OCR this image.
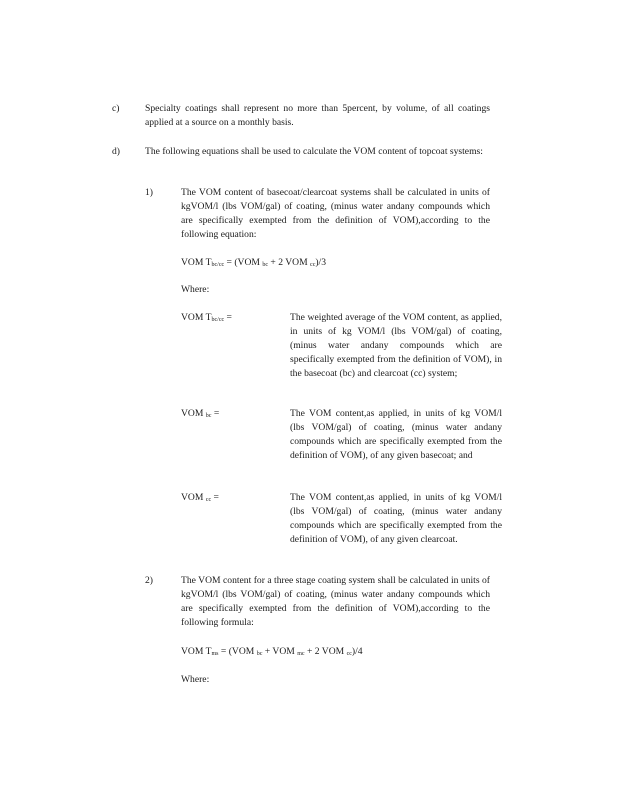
c)	Specialty coatings shall represent no more than 5percent, by volume, of all coatings applied at a source on a monthly basis.
d)	The following equations shall be used to calculate the VOM content of topcoat systems:
1)	The VOM content of basecoat/clearcoat systems shall be calculated in units of kgVOM/l (lbs VOM/gal) of coating, (minus water andany compounds which are specifically exempted from the definition of VOM),according to the following equation:
VOM $T_{bc/cc} = (VOM$ $_{bc}$ + 2 VOM $_{cc}$)/3
Where:
VOM $T_{bc/cc}$ =	The weighted average of the VOM content, as applied, in units of kg VOM/l (lbs VOM/gal) of coating, (minus water andany compounds which are specifically exempted from the definition of VOM), in the basecoat (bc) and clearcoat (cc) system;
VOM $_{bc}$ =	The VOM content,as applied, in units of kg VOM/l (lbs VOM/gal) of coating, (minus water andany compounds which are specifically exempted from the definition of VOM), of any given basecoat; and
VOM $_{cc}$ =	The VOM content,as applied, in units of kg VOM/l (lbs VOM/gal) of coating, (minus water andany compounds which are specifically exempted from the definition of VOM), of any given clearcoat.
2)	The VOM content for a three stage coating system shall be calculated in units of kgVOM/l (lbs VOM/gal) of coating, (minus water andany compounds which are specifically exempted from the definition of VOM),according to the following formula:
VOM $T_{ms} = (VOM$ $_{bc}$ + VOM $_{mc}$ + 2 VOM $_{cc}$)/4
Where:
